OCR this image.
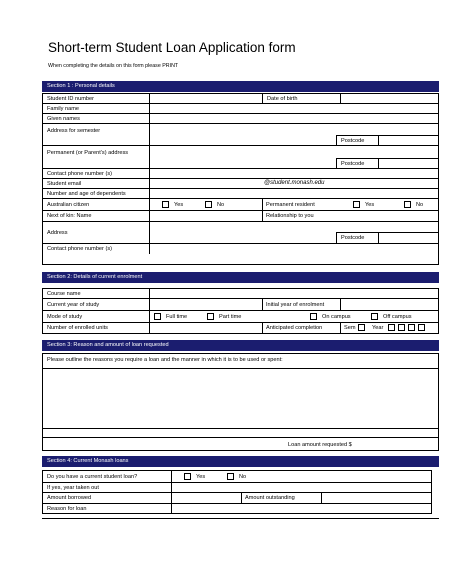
Short-term Student Loan Application form
When completing the details on this form please PRINT
Section 1 : Personal details
Student ID number	Date of birth
Family name
Given names
Address for semester
Postcode
Permanent (or Parent’s) address
Postcode
Contact phone number (s)
Student email	@student.monash.edu
Number and age of dependents
Australian citizen	Yes	No	Permanent resident	Yes	No
Next of kin: Name	Relationship to you
Address
Postcode
Contact phone number (s)
Section 2: Details of current enrolment
Course name
Current year of study	Initial year of enrolment
Mode of study	Full time	Part time	On campus	Off campus
Number of enrolled units	Anticipated completion	Sem	Year
Section 3: Reason and amount of loan requested
Please outline the reasons you require a loan and the manner in which it is to be used or spent:
Loan amount requested $
Section 4: Current Monash loans
Do you have a current student loan?	Yes	No
If yes, year taken out
Amount borrowed	Amount outstanding
Reason for loan
